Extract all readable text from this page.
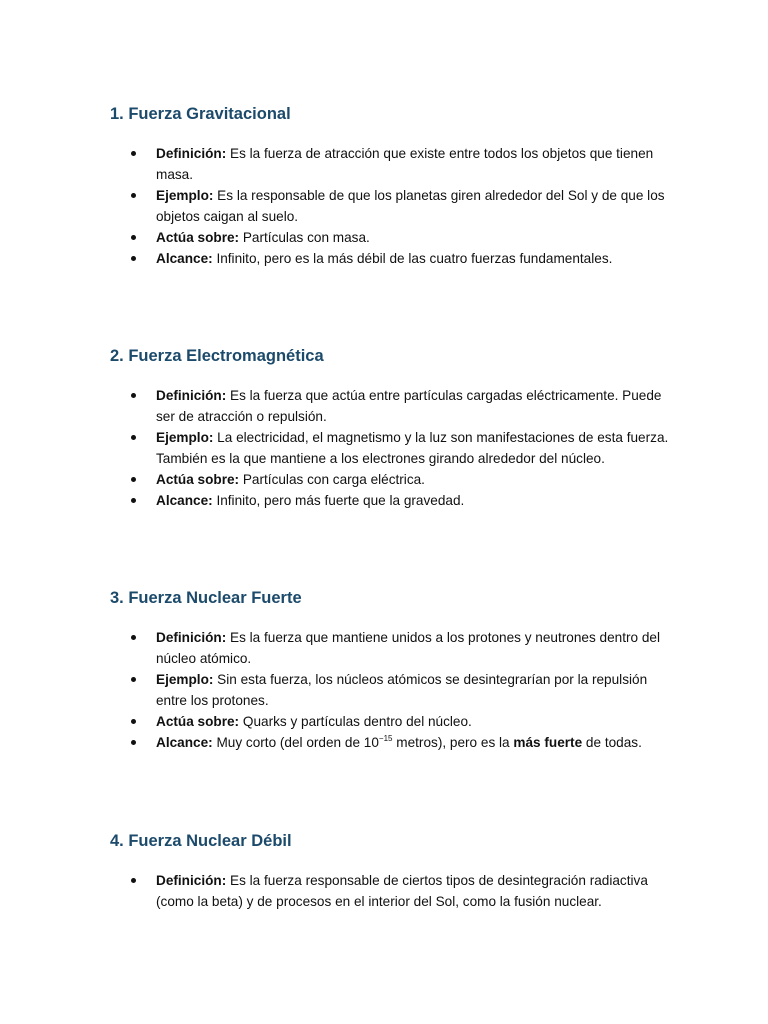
1. Fuerza Gravitacional
Definición: Es la fuerza de atracción que existe entre todos los objetos que tienen masa.
Ejemplo: Es la responsable de que los planetas giren alrededor del Sol y de que los objetos caigan al suelo.
Actúa sobre: Partículas con masa.
Alcance: Infinito, pero es la más débil de las cuatro fuerzas fundamentales.
2. Fuerza Electromagnética
Definición: Es la fuerza que actúa entre partículas cargadas eléctricamente. Puede ser de atracción o repulsión.
Ejemplo: La electricidad, el magnetismo y la luz son manifestaciones de esta fuerza. También es la que mantiene a los electrones girando alrededor del núcleo.
Actúa sobre: Partículas con carga eléctrica.
Alcance: Infinito, pero más fuerte que la gravedad.
3. Fuerza Nuclear Fuerte
Definición: Es la fuerza que mantiene unidos a los protones y neutrones dentro del núcleo atómico.
Ejemplo: Sin esta fuerza, los núcleos atómicos se desintegrarían por la repulsión entre los protones.
Actúa sobre: Quarks y partículas dentro del núcleo.
Alcance: Muy corto (del orden de $10^{-15}$ metros), pero es la más fuerte de todas.
4. Fuerza Nuclear Débil
Definición: Es la fuerza responsable de ciertos tipos de desintegración radiactiva (como la beta) y de procesos en el interior del Sol, como la fusión nuclear.
